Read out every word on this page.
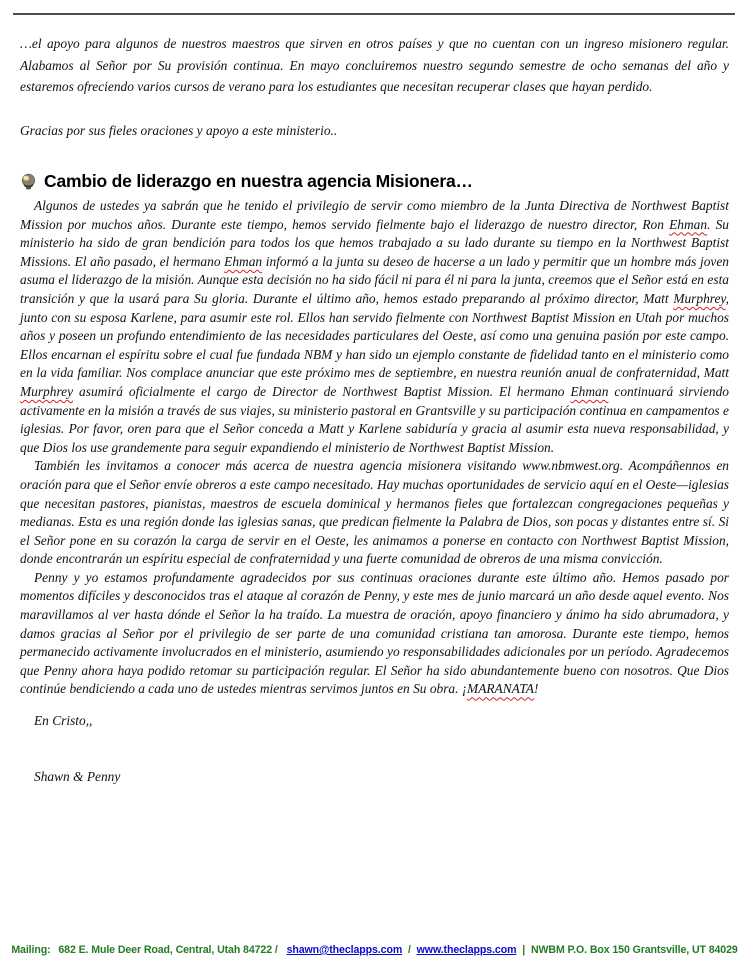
…el apoyo para algunos de nuestros maestros que sirven en otros países y que no cuentan con un ingreso misionero regular. Alabamos al Señor por Su provisión continua. En mayo concluiremos nuestro segundo semestre de ocho semanas del año y estaremos ofreciendo varios cursos de verano para los estudiantes que necesitan recuperar clases que hayan perdido.

Gracias por sus fieles oraciones y apoyo a este ministerio..

Cambio de liderazgo en nuestra agencia Misionera…

Algunos de ustedes ya sabrán que he tenido el privilegio de servir como miembro de la Junta Directiva de Northwest Baptist Mission por muchos años. Durante este tiempo, hemos servido fielmente bajo el liderazgo de nuestro director, Ron Ehman. Su ministerio ha sido de gran bendición para todos los que hemos trabajado a su lado durante su tiempo en la Northwest Baptist Missions. El año pasado, el hermano Ehman informó a la junta su deseo de hacerse a un lado y permitir que un hombre más joven asuma el liderazgo de la misión. Aunque esta decisión no ha sido fácil ni para él ni para la junta, creemos que el Señor está en esta transición y que la usará para Su gloria. Durante el último año, hemos estado preparando al próximo director, Matt Murphrey, junto con su esposa Karlene, para asumir este rol. Ellos han servido fielmente con Northwest Baptist Mission en Utah por muchos años y poseen un profundo entendimiento de las necesidades particulares del Oeste, así como una genuina pasión por este campo. Ellos encarnan el espíritu sobre el cual fue fundada NBM y han sido un ejemplo constante de fidelidad tanto en el ministerio como en la vida familiar. Nos complace anunciar que este próximo mes de septiembre, en nuestra reunión anual de confraternidad, Matt Murphrey asumirá oficialmente el cargo de Director de Northwest Baptist Mission. El hermano Ehman continuará sirviendo activamente en la misión a través de sus viajes, su ministerio pastoral en Grantsville y su participación continua en campamentos e iglesias. Por favor, oren para que el Señor conceda a Matt y Karlene sabiduría y gracia al asumir esta nueva responsabilidad, y que Dios los use grandemente para seguir expandiendo el ministerio de Northwest Baptist Mission.

También les invitamos a conocer más acerca de nuestra agencia misionera visitando www.nbmwest.org. Acompáñennos en oración para que el Señor envíe obreros a este campo necesitado. Hay muchas oportunidades de servicio aquí en el Oeste—iglesias que necesitan pastores, pianistas, maestros de escuela dominical y hermanos fieles que fortalezcan congregaciones pequeñas y medianas. Esta es una región donde las iglesias sanas, que predican fielmente la Palabra de Dios, son pocas y distantes entre sí. Si el Señor pone en su corazón la carga de servir en el Oeste, les animamos a ponerse en contacto con Northwest Baptist Mission, donde encontrarán un espíritu especial de confraternidad y una fuerte comunidad de obreros de una misma convicción.

Penny y yo estamos profundamente agradecidos por sus continuas oraciones durante este último año. Hemos pasado por momentos difíciles y desconocidos tras el ataque al corazón de Penny, y este mes de junio marcará un año desde aquel evento. Nos maravillamos al ver hasta dónde el Señor la ha traído. La muestra de oración, apoyo financiero y ánimo ha sido abrumadora, y damos gracias al Señor por el privilegio de ser parte de una comunidad cristiana tan amorosa. Durante este tiempo, hemos permanecido activamente involucrados en el ministerio, asumiendo yo responsabilidades adicionales por un período. Agradecemos que Penny ahora haya podido retomar su participación regular. El Señor ha sido abundantemente bueno con nosotros. Que Dios continúe bendiciendo a cada uno de ustedes mientras servimos juntos en Su obra. ¡MARANATA!

En Cristo,,

Shawn & Penny

Mailing: 682 E. Mule Deer Road, Central, Utah 84722 / shawn@theclapps.com / www.theclapps.com | NWBM P.O. Box 150 Grantsville, UT 84029
